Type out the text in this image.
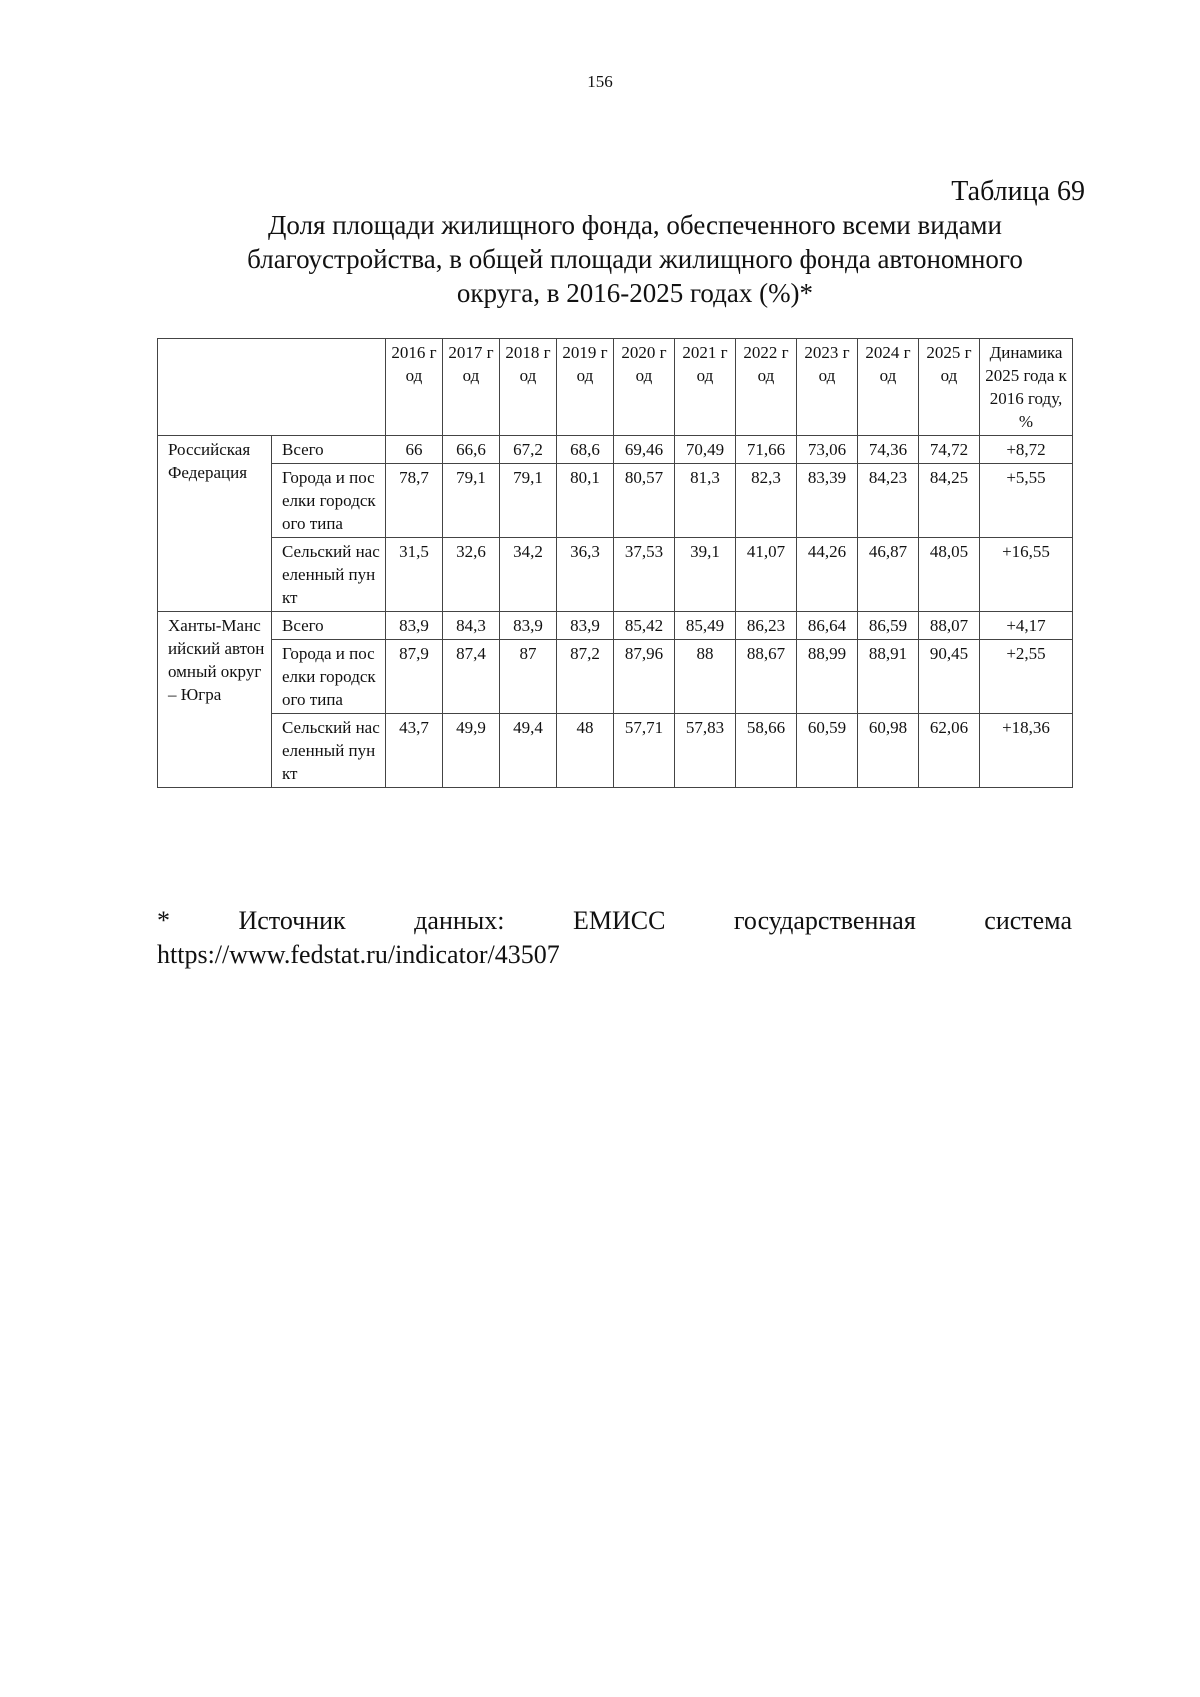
156
Таблица 69
Доля площади жилищного фонда, обеспеченного всеми видами
благоустройства, в общей площади жилищного фонда автономного
округа, в 2016-2025 годах (%)*
		2016 год	2017 год	2018 год	2019 год	2020 год	2021 год	2022 год	2023 год	2024 год	2025 год	Динамика 2025 года к 2016 году, %
Российская Федерация	Всего	66	66,6	67,2	68,6	69,46	70,49	71,66	73,06	74,36	74,72	+8,72
	Города и поселки городского типа	78,7	79,1	79,1	80,1	80,57	81,3	82,3	83,39	84,23	84,25	+5,55
	Сельский населенный пункт	31,5	32,6	34,2	36,3	37,53	39,1	41,07	44,26	46,87	48,05	+16,55
Ханты-Мансийский автономный округ – Югра	Всего	83,9	84,3	83,9	83,9	85,42	85,49	86,23	86,64	86,59	88,07	+4,17
	Города и поселки городского типа	87,9	87,4	87	87,2	87,96	88	88,67	88,99	88,91	90,45	+2,55
	Сельский населенный пункт	43,7	49,9	49,4	48	57,71	57,83	58,66	60,59	60,98	62,06	+18,36
*	Источник	данных:	ЕМИСС	государственная	система
https://www.fedstat.ru/indicator/43507
